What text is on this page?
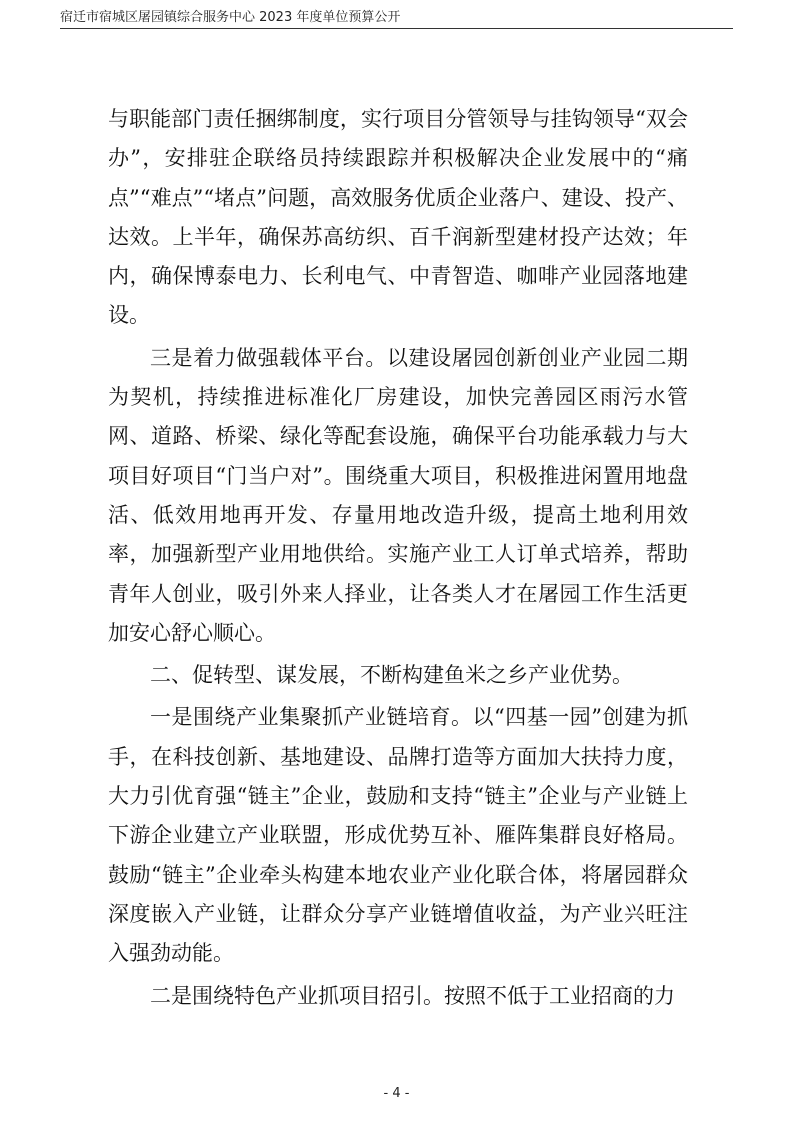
宿迁市宿城区屠园镇综合服务中心 2023 年度单位预算公开

与职能部门责任捆绑制度，实行项目分管领导与挂钩领导“双会办”，安排驻企联络员持续跟踪并积极解决企业发展中的“痛点”“难点”“堵点”问题，高效服务优质企业落户、建设、投产、达效。上半年，确保苏高纺织、百千润新型建材投产达效；年内，确保博泰电力、长利电气、中青智造、咖啡产业园落地建设。

三是着力做强载体平台。以建设屠园创新创业产业园二期为契机，持续推进标准化厂房建设，加快完善园区雨污水管网、道路、桥梁、绿化等配套设施，确保平台功能承载力与大项目好项目“门当户对”。围绕重大项目，积极推进闲置用地盘活、低效用地再开发、存量用地改造升级，提高土地利用效率，加强新型产业用地供给。实施产业工人订单式培养，帮助青年人创业，吸引外来人择业，让各类人才在屠园工作生活更加安心舒心顺心。

二、促转型、谋发展，不断构建鱼米之乡产业优势。

一是围绕产业集聚抓产业链培育。以“四基一园”创建为抓手，在科技创新、基地建设、品牌打造等方面加大扶持力度，大力引优育强“链主”企业，鼓励和支持“链主”企业与产业链上下游企业建立产业联盟，形成优势互补、雁阵集群良好格局。鼓励“链主”企业牵头构建本地农业产业化联合体，将屠园群众深度嵌入产业链，让群众分享产业链增值收益，为产业兴旺注入强劲动能。

二是围绕特色产业抓项目招引。按照不低于工业招商的力

- 4 -
